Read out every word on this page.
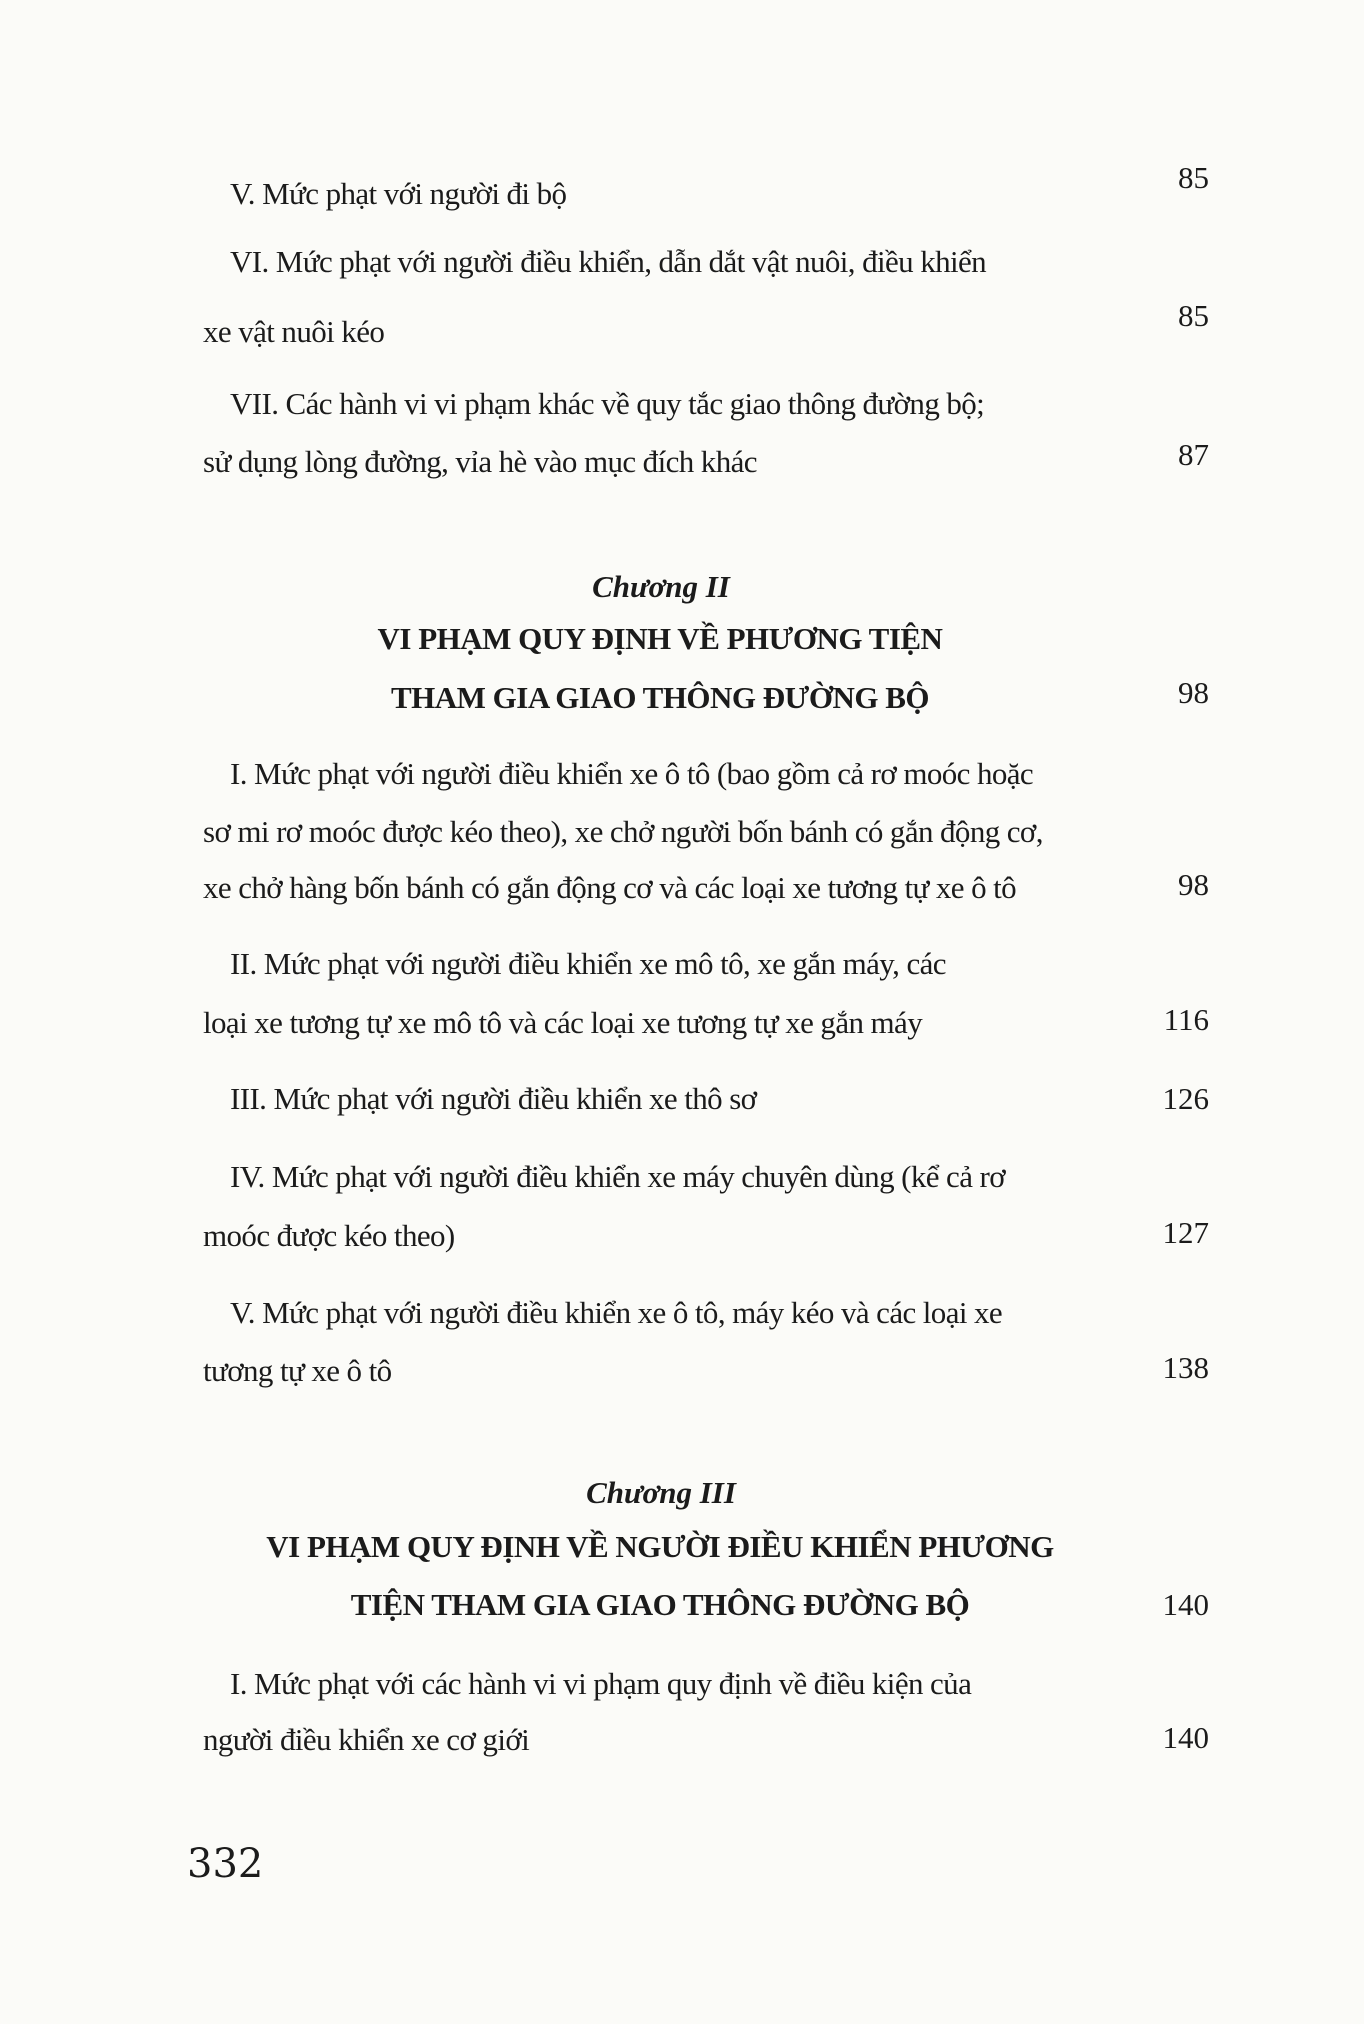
V. Mức phạt với người đi bộ	85
VI. Mức phạt với người điều khiển, dẫn dắt vật nuôi, điều khiển
xe vật nuôi kéo	85
VII. Các hành vi vi phạm khác về quy tắc giao thông đường bộ;
sử dụng lòng đường, vỉa hè vào mục đích khác	87
Chương II
VI PHẠM QUY ĐỊNH VỀ PHƯƠNG TIỆN
THAM GIA GIAO THÔNG ĐƯỜNG BỘ	98
I. Mức phạt với người điều khiển xe ô tô (bao gồm cả rơ moóc hoặc
sơ mi rơ moóc được kéo theo), xe chở người bốn bánh có gắn động cơ,
xe chở hàng bốn bánh có gắn động cơ và các loại xe tương tự xe ô tô	98
II. Mức phạt với người điều khiển xe mô tô, xe gắn máy, các
loại xe tương tự xe mô tô và các loại xe tương tự xe gắn máy	116
III. Mức phạt với người điều khiển xe thô sơ	126
IV. Mức phạt với người điều khiển xe máy chuyên dùng (kể cả rơ
moóc được kéo theo)	127
V. Mức phạt với người điều khiển xe ô tô, máy kéo và các loại xe
tương tự xe ô tô	138
Chương III
VI PHẠM QUY ĐỊNH VỀ NGƯỜI ĐIỀU KHIỂN PHƯƠNG
TIỆN THAM GIA GIAO THÔNG ĐƯỜNG BỘ	140
I. Mức phạt với các hành vi vi phạm quy định về điều kiện của
người điều khiển xe cơ giới	140
332
